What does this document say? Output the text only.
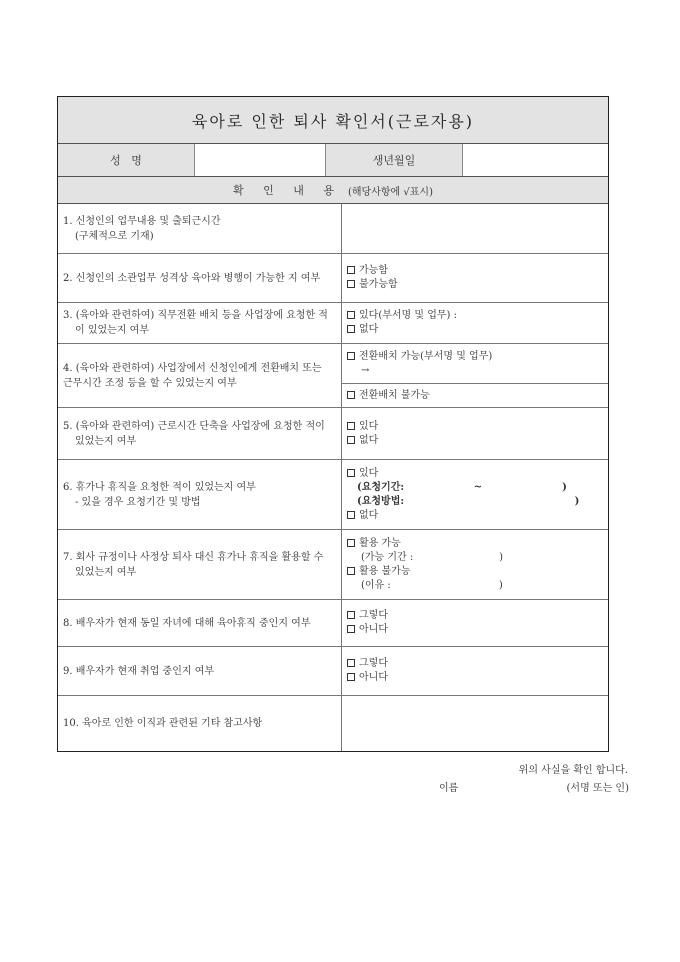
육아로 인한 퇴사 확인서(근로자용)
성   명	생년월일
확 인 내 용 (해당사항에 √표시)
1. 신청인의 업무내용 및 출퇴근시간
(구체적으로 기재)
2. 신청인의 소관업무 성격상 육아와 병행이 가능한 지 여부
가능함
불가능함
3. (육아와 관련하여) 직무전환 배치 등을 사업장에 요청한 적
이 있었는지 여부
있다(부서명 및 업무) :
없다
4. (육아와 관련하여) 사업장에서 신청인에게 전환배치 또는
근무시간 조정 등을 할 수 있었는지 여부
전환배치 가능(부서명 및 업무)
→
전환배치 불가능
5. (육아와 관련하여) 근로시간 단축을 사업장에 요청한 적이
있었는지 여부
있다
없다
6. 휴가나 휴직을 요청한 적이 있었는지 여부
- 있을 경우 요청기간 및 방법
있다
(요청기간:                    ~                       )
(요청방법:                                                 )
없다
7. 회사 규정이나 사정상 퇴사 대신 휴가나 휴직을 활용할 수
있었는지 여부
활용 가능
(가능 기간 :                           )
활용 불가능
(이유 :                                  )
8. 배우자가 현재 동일 자녀에 대해 육아휴직 중인지 여부
그렇다
아니다
9. 배우자가 현재 취업 중인지 여부
그렇다
아니다
10. 육아로 인한 이직과 관련된 기타 참고사항
위의 사실을 확인 합니다.
이름	(서명 또는 인)
